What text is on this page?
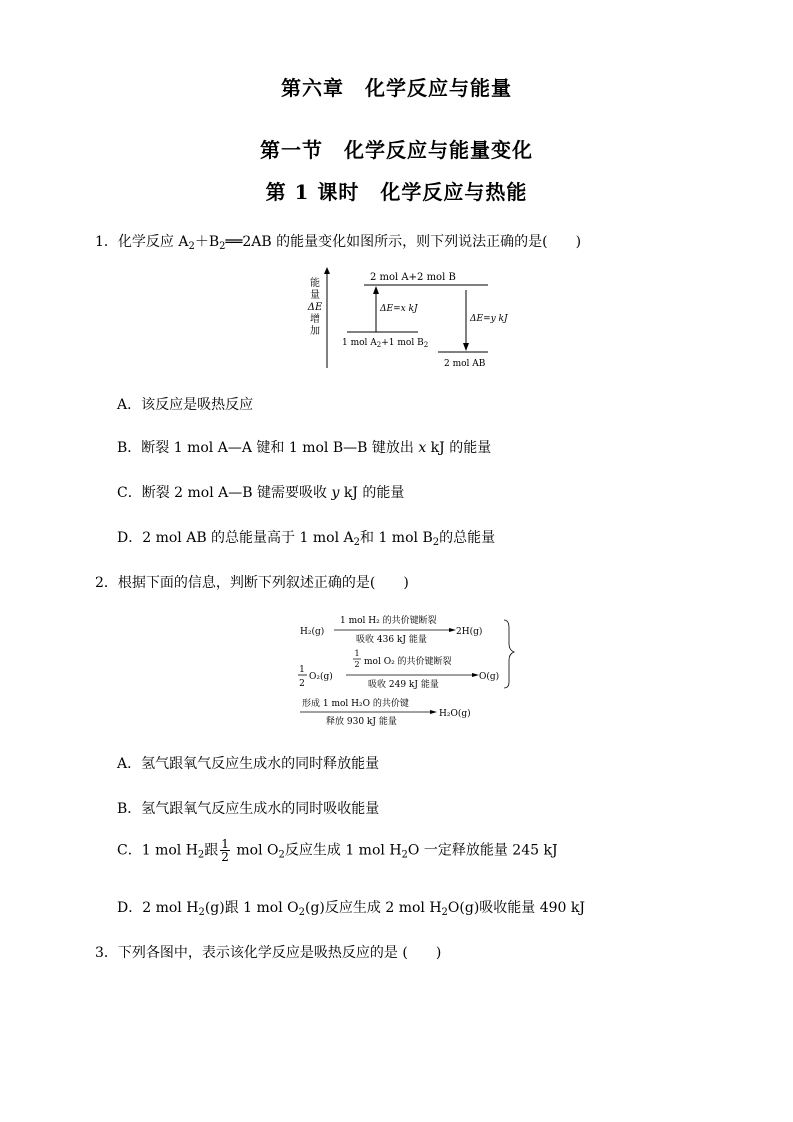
第六章　化学反应与能量
第一节　化学反应与能量变化
第 1 课时　化学反应与热能
1．化学反应 $A_2+B_2══2AB$ 的能量变化如图所示，则下列说法正确的是(　　)
能
量
ΔE
增
加
2 mol A+2 mol B
1 mol $A_2+1$ mol $B_2$
2 mol AB
ΔE=x kJ
ΔE=y kJ
A．该反应是吸热反应
B．断裂 1 mol A—A 键和 1 mol B—B 键放出 x kJ 的能量
C．断裂 2 mol A—B 键需要吸收 y kJ 的能量
D．2 mol AB 的总能量高于 1 mol $A_2$和 1 mol $B_2$的总能量
2．根据下面的信息，判断下列叙述正确的是(　　)
H₂(g)
1 mol H₂ 的共价键断裂
吸收 436 kJ 能量
2H(g)
1
2
O₂(g)
1
2 mol O₂ 的共价键断裂
吸收 249 kJ 能量
O(g)
形成 1 mol H₂O 的共价键
释放 930 kJ 能量
H₂O(g)
A．氢气跟氧气反应生成水的同时释放能量
B．氢气跟氧气反应生成水的同时吸收能量
C．1 mol $H_2$跟 $\frac{1}{2}$ mol $O_2$反应生成 1 mol $H_2O$ 一定释放能量 245 kJ
D．2 mol $H_2(g)$跟 1 mol $O_2(g)$反应生成 2 mol $H_2O(g)$吸收能量 490 kJ
3．下列各图中，表示该化学反应是吸热反应的是 (　　)
